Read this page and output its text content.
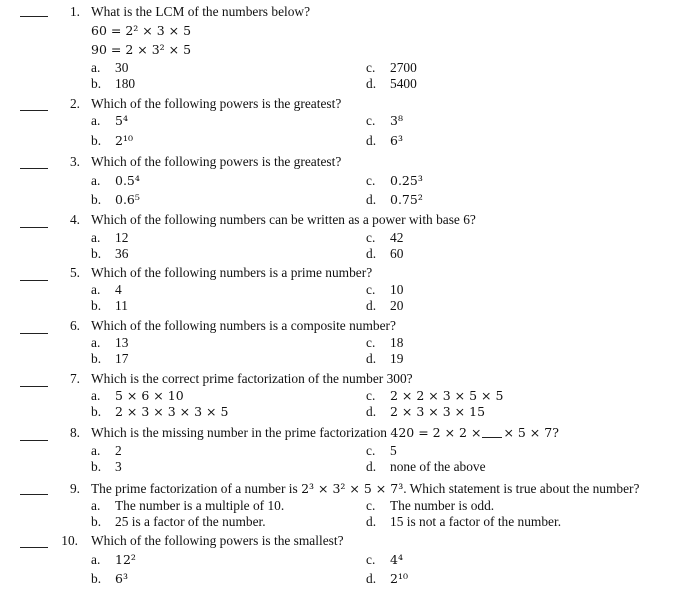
1. What is the LCM of the numbers below?
60 = 2² × 3 × 5
90 = 2 × 3² × 5
a. 30
b. 180
c. 2700
d. 5400
2. Which of the following powers is the greatest?
a. 5⁴
b. 2¹⁰
c. 3⁸
d. 6³
3. Which of the following powers is the greatest?
a. 0.5⁴
b. 0.6⁵
c. 0.25³
d. 0.75²
4. Which of the following numbers can be written as a power with base 6?
a. 12
b. 36
c. 42
d. 60
5. Which of the following numbers is a prime number?
a. 4
b. 11
c. 10
d. 20
6. Which of the following numbers is a composite number?
a. 13
b. 17
c. 18
d. 19
7. Which is the correct prime factorization of the number 300?
a. 5 × 6 × 10
b. 2 × 3 × 3 × 3 × 5
c. 2 × 2 × 3 × 5 × 5
d. 2 × 3 × 3 × 15
8. Which is the missing number in the prime factorization 420 = 2 × 2 × × 5 × 7?
a. 2
b. 3
c. 5
d. none of the above
9. The prime factorization of a number is 2³ × 3² × 5 × 7³. Which statement is true about the number?
a. The number is a multiple of 10.
b. 25 is a factor of the number.
c. The number is odd.
d. 15 is not a factor of the number.
10. Which of the following powers is the smallest?
a. 12²
b. 6³
c. 4⁴
d. 2¹⁰
